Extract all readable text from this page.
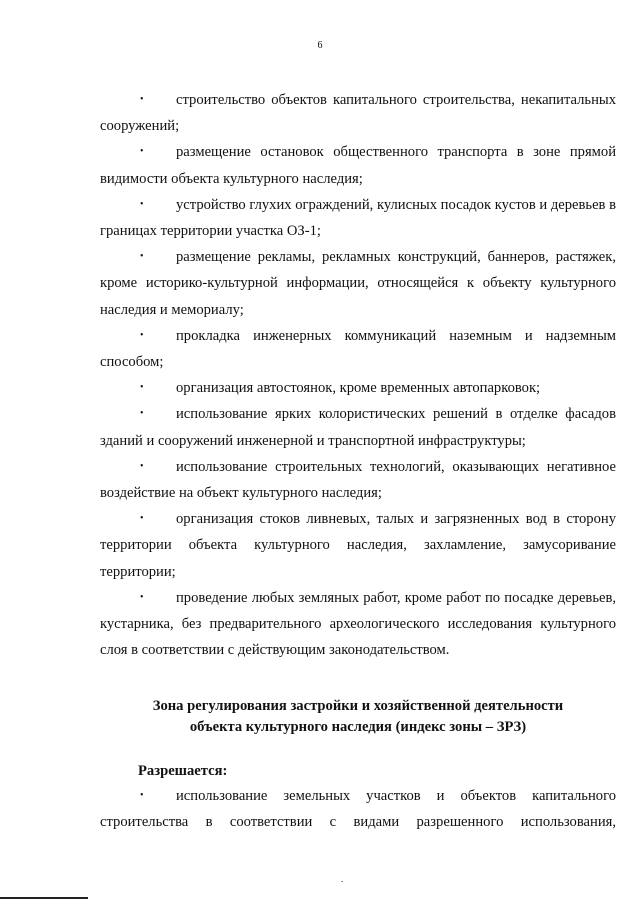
6
• строительство объектов капитального строительства, некапитальных сооружений;
• размещение остановок общественного транспорта в зоне прямой видимости объекта культурного наследия;
• устройство глухих ограждений, кулисных посадок кустов и деревьев в границах территории участка ОЗ-1;
• размещение рекламы, рекламных конструкций, баннеров, растяжек, кроме историко-культурной информации, относящейся к объекту культурного наследия и мемориалу;
• прокладка инженерных коммуникаций наземным и надземным способом;
• организация автостоянок, кроме временных автопарковок;
• использование ярких колористических решений в отделке фасадов зданий и сооружений инженерной и транспортной инфраструктуры;
• использование строительных технологий, оказывающих негативное воздействие на объект культурного наследия;
• организация стоков ливневых, талых и загрязненных вод в сторону территории объекта культурного наследия, захламление, замусоривание территории;
• проведение любых земляных работ, кроме работ по посадке деревьев, кустарника, без предварительного археологического исследования культурного слоя в соответствии с действующим законодательством.
Зона регулирования застройки и хозяйственной деятельности
объекта культурного наследия (индекс зоны – ЗРЗ)
Разрешается:
• использование земельных участков и объектов капитального строительства в соответствии с видами разрешенного использования,
.
